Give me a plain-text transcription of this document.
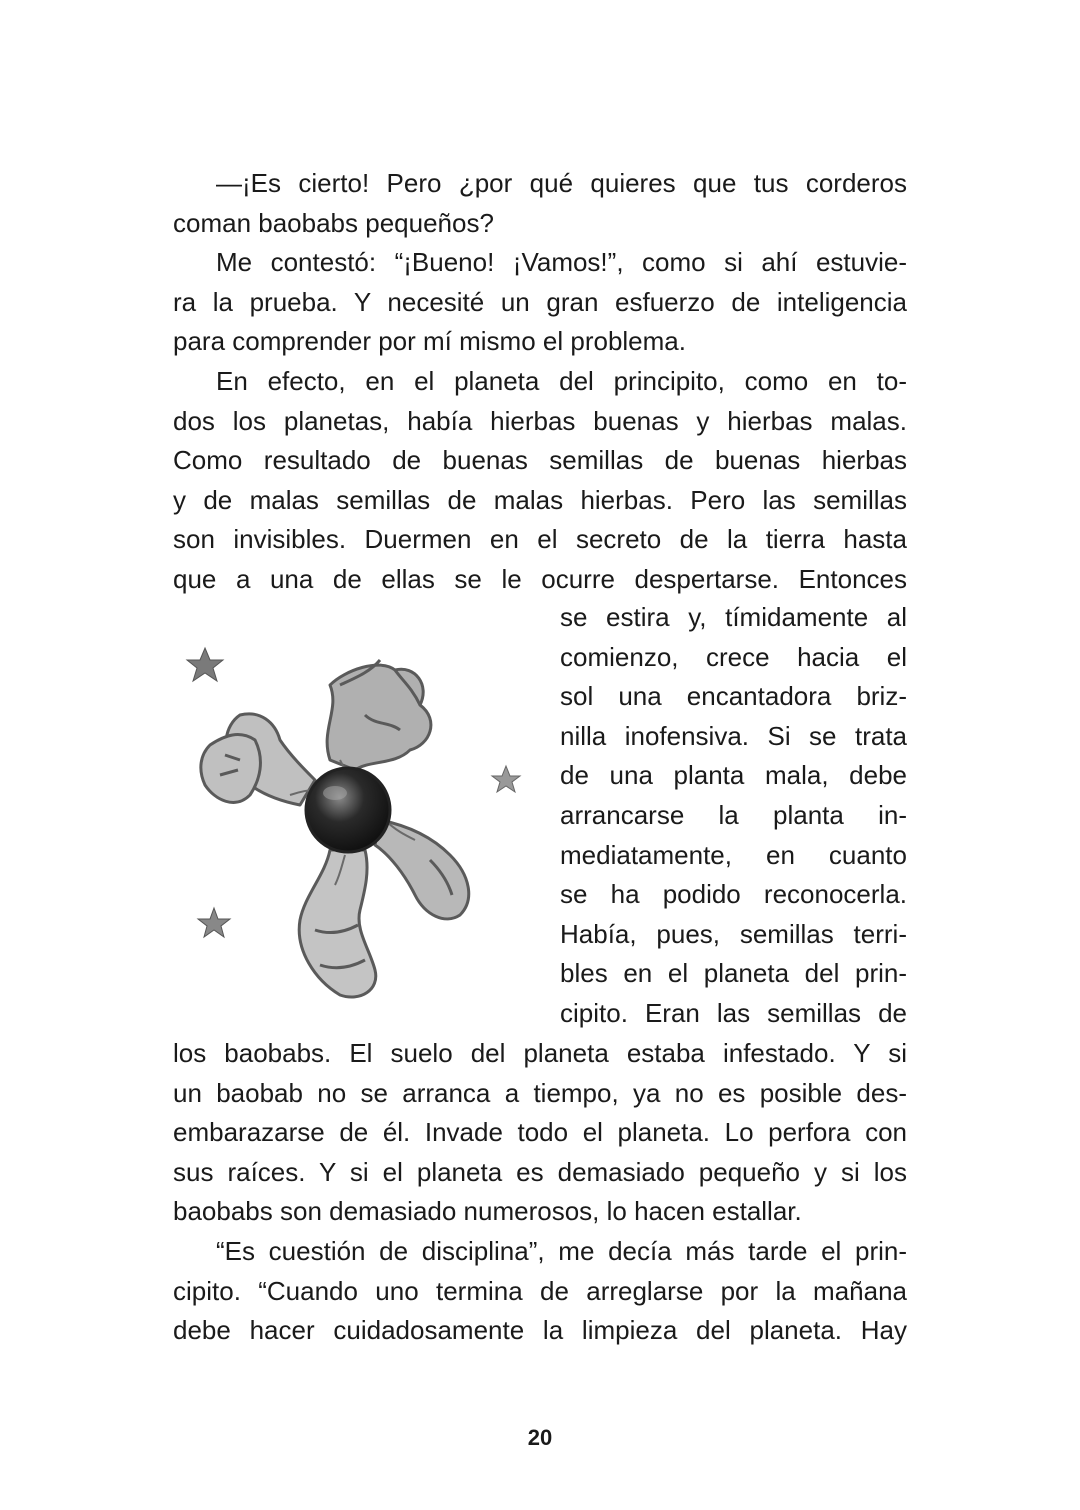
—¡Es cierto! Pero ¿por qué quieres que tus corderos
coman baobabs pequeños?

Me contestó: “¡Bueno! ¡Vamos!”, como si ahí estuvie-
ra la prueba. Y necesité un gran esfuerzo de inteligencia
para comprender por mí mismo el problema.

En efecto, en el planeta del principito, como en to-
dos los planetas, había hierbas buenas y hierbas malas.
Como resultado de buenas semillas de buenas hierbas
y de malas semillas de malas hierbas. Pero las semillas
son invisibles. Duermen en el secreto de la tierra hasta
que a una de ellas se le ocurre despertarse. Entonces

se estira y, tímidamente al
comienzo, crece hacia el
sol una encantadora briz-
nilla inofensiva. Si se trata
de una planta mala, debe
arrancarse la planta in-
mediatamente, en cuanto
se ha podido reconocerla.
Había, pues, semillas terri-
bles en el planeta del prin-
cipito. Eran las semillas de

los baobabs. El suelo del planeta estaba infestado. Y si
un baobab no se arranca a tiempo, ya no es posible des-
embarazarse de él. Invade todo el planeta. Lo perfora con
sus raíces. Y si el planeta es demasiado pequeño y si los
baobabs son demasiado numerosos, lo hacen estallar.

“Es cuestión de disciplina”, me decía más tarde el prin-
cipito. “Cuando uno termina de arreglarse por la mañana
debe hacer cuidadosamente la limpieza del planeta. Hay

20
